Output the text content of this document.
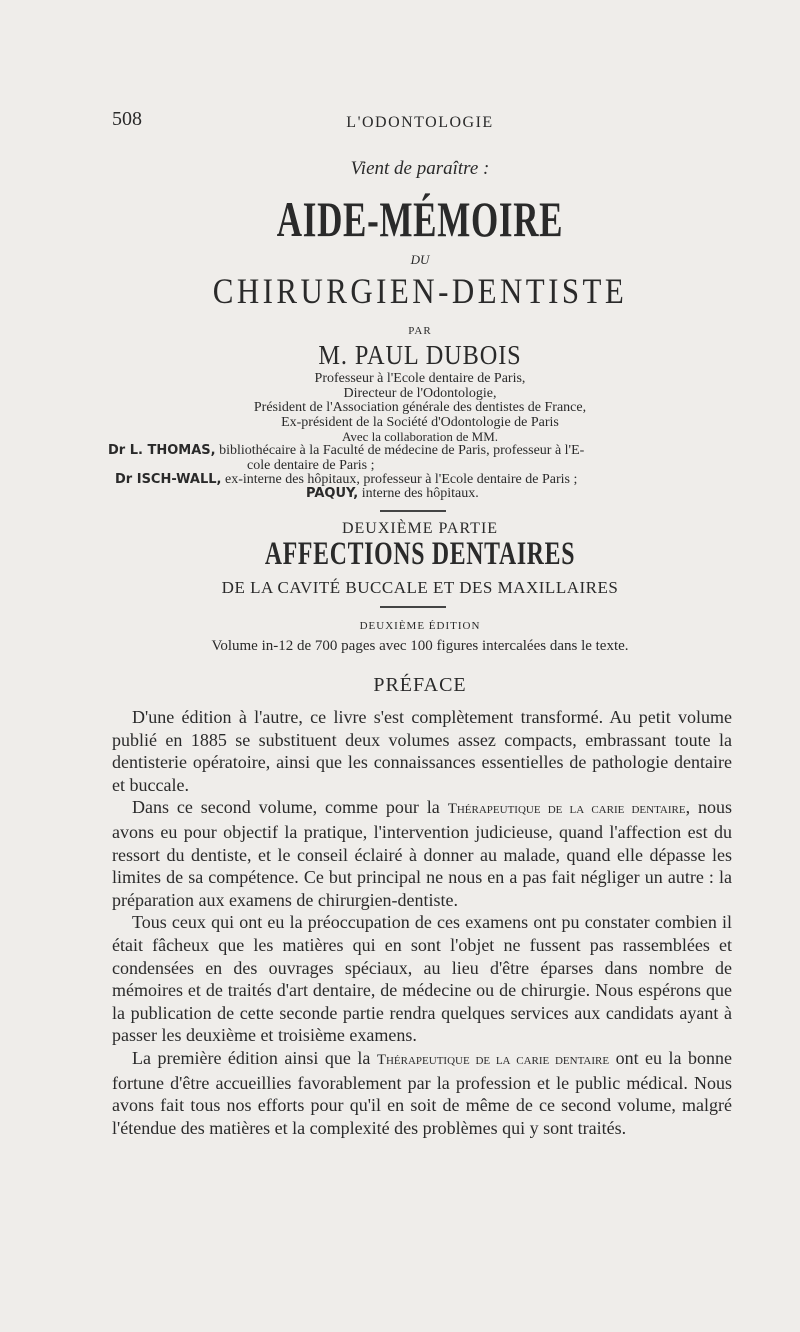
508	L'ODONTOLOGIE
Vient de paraître :
AIDE-MÉMOIRE
DU
CHIRURGIEN-DENTISTE
PAR
M. PAUL DUBOIS
Professeur à l'Ecole dentaire de Paris,
Directeur de l'Odontologie,
Président de l'Association générale des dentistes de France,
Ex-président de la Société d'Odontologie de Paris
Avec la collaboration de MM.
Dr L. THOMAS, bibliothécaire à la Faculté de médecine de Paris, professeur à l'E-
cole dentaire de Paris ;
Dr ISCH-WALL, ex-interne des hôpitaux, professeur à l'Ecole dentaire de Paris ;
PAQUY, interne des hôpitaux.
DEUXIÈME PARTIE
AFFECTIONS DENTAIRES
DE LA CAVITÉ BUCCALE ET DES MAXILLAIRES
DEUXIÈME ÉDITION
Volume in-12 de 700 pages avec 100 figures intercalées dans le texte.
PRÉFACE

D'une édition à l'autre, ce livre s'est complètement transformé. Au petit volume publié en 1885 se substituent deux volumes assez compacts, embrassant toute la dentisterie opératoire, ainsi que les connaissances essentielles de pathologie dentaire et buccale.

Dans ce second volume, comme pour la Thérapeutique de la carie dentaire, nous avons eu pour objectif la pratique, l'intervention judicieuse, quand l'affection est du ressort du dentiste, et le conseil éclairé à donner au malade, quand elle dépasse les limites de sa compétence. Ce but principal ne nous en a pas fait négliger un autre : la préparation aux examens de chirurgien-dentiste.

Tous ceux qui ont eu la préoccupation de ces examens ont pu constater combien il était fâcheux que les matières qui en sont l'objet ne fussent pas rassemblées et condensées en des ouvrages spéciaux, au lieu d'être éparses dans nombre de mémoires et de traités d'art dentaire, de médecine ou de chirurgie. Nous espérons que la publication de cette seconde partie rendra quelques services aux candidats ayant à passer les deuxième et troisième examens.

La première édition ainsi que la Thérapeutique de la carie dentaire ont eu la bonne fortune d'être accueillies favorablement par la profession et le public médical. Nous avons fait tous nos efforts pour qu'il en soit de même de ce second volume, malgré l'étendue des matières et la complexité des problèmes qui y sont traités.
